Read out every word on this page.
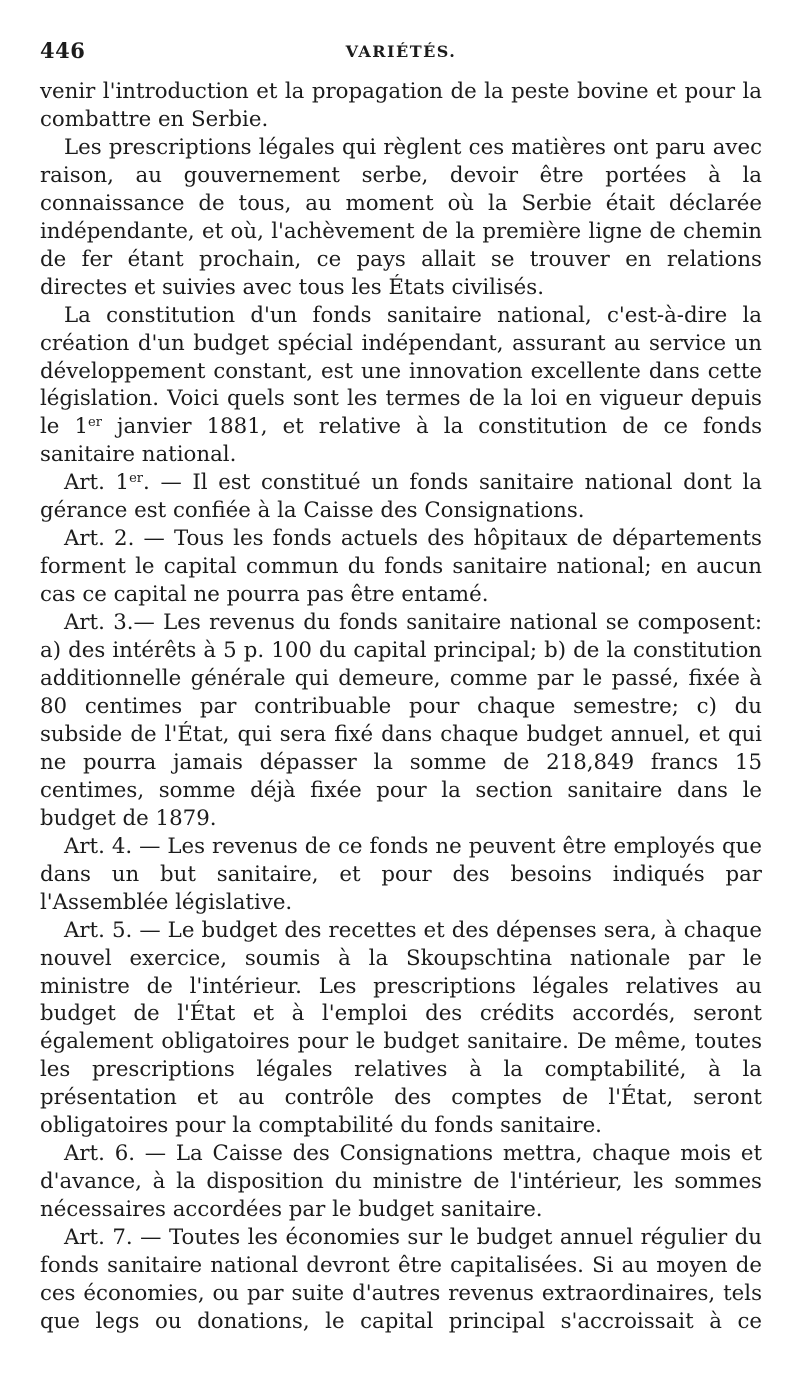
446	VARIÉTÉS.

venir l'introduction et la propagation de la peste bovine et pour la combattre en Serbie.

Les prescriptions légales qui règlent ces matières ont paru avec raison, au gouvernement serbe, devoir être portées à la connaissance de tous, au moment où la Serbie était déclarée indépendante, et où, l'achèvement de la première ligne de chemin de fer étant prochain, ce pays allait se trouver en relations directes et suivies avec tous les États civilisés.

La constitution d'un fonds sanitaire national, c'est-à-dire la création d'un budget spécial indépendant, assurant au service un développement constant, est une innovation excellente dans cette législation. Voici quels sont les termes de la loi en vigueur depuis le 1er janvier 1881, et relative à la constitution de ce fonds sanitaire national.

Art. 1er. — Il est constitué un fonds sanitaire national dont la gérance est confiée à la Caisse des Consignations.

Art. 2. — Tous les fonds actuels des hôpitaux de départements forment le capital commun du fonds sanitaire national; en aucun cas ce capital ne pourra pas être entamé.

Art. 3.— Les revenus du fonds sanitaire national se composent: a) des intérêts à 5 p. 100 du capital principal; b) de la constitution additionnelle générale qui demeure, comme par le passé, fixée à 80 centimes par contribuable pour chaque semestre; c) du subside de l'État, qui sera fixé dans chaque budget annuel, et qui ne pourra jamais dépasser la somme de 218,849 francs 15 centimes, somme déjà fixée pour la section sanitaire dans le budget de 1879.

Art. 4. — Les revenus de ce fonds ne peuvent être employés que dans un but sanitaire, et pour des besoins indiqués par l'Assemblée législative.

Art. 5. — Le budget des recettes et des dépenses sera, à chaque nouvel exercice, soumis à la Skoupschtina nationale par le ministre de l'intérieur. Les prescriptions légales relatives au budget de l'État et à l'emploi des crédits accordés, seront également obligatoires pour le budget sanitaire. De même, toutes les prescriptions légales relatives à la comptabilité, à la présentation et au contrôle des comptes de l'État, seront obligatoires pour la comptabilité du fonds sanitaire.

Art. 6. — La Caisse des Consignations mettra, chaque mois et d'avance, à la disposition du ministre de l'intérieur, les sommes nécessaires accordées par le budget sanitaire.

Art. 7. — Toutes les économies sur le budget annuel régulier du fonds sanitaire national devront être capitalisées. Si au moyen de ces économies, ou par suite d'autres revenus extraordinaires, tels que legs ou donations, le capital principal s'accroissait à ce
